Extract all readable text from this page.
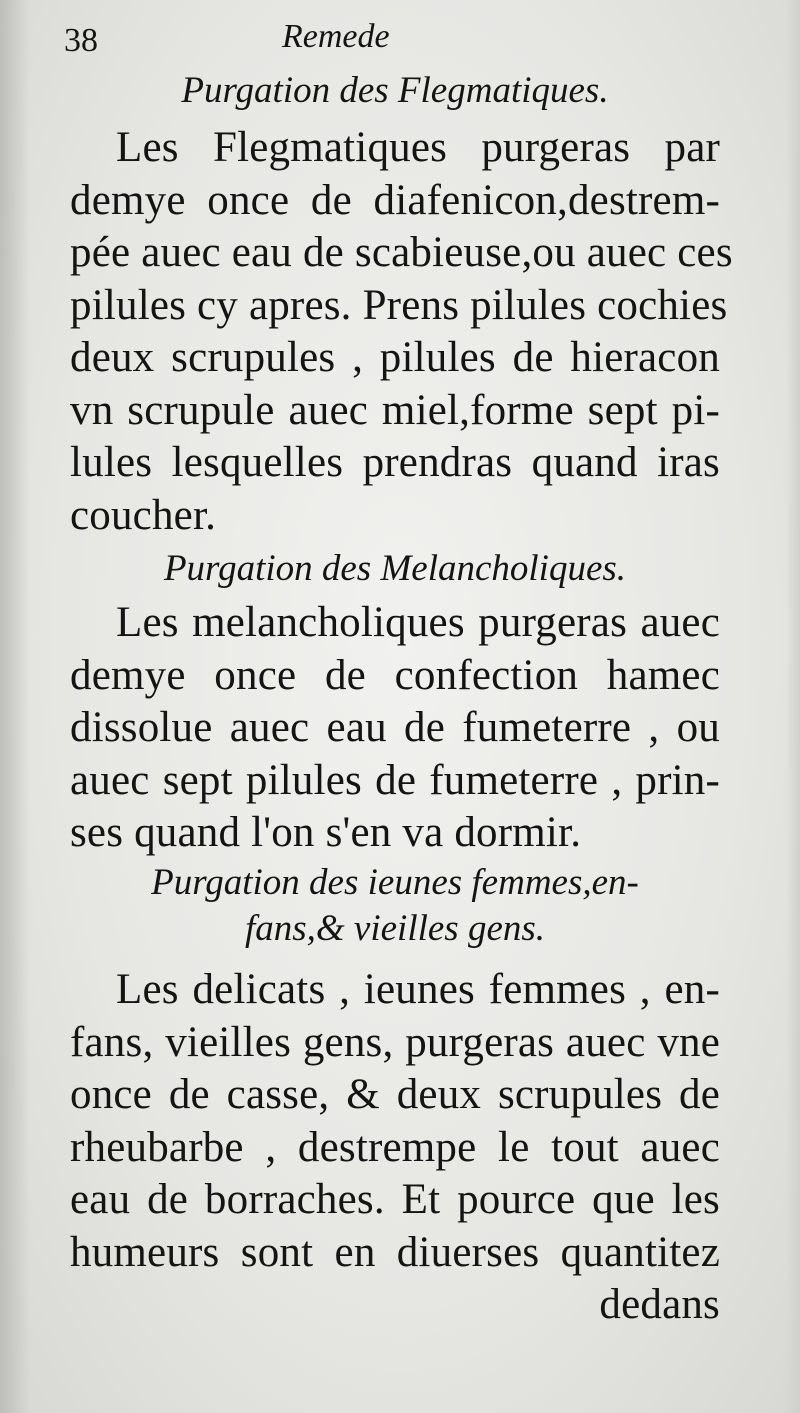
38	Remede
Purgation des Flegmatiques.
Les Flegmatiques purgeras par
demye once de diafenicon,destrem-
pée auec eau de scabieuse,ou auec ces
pilules cy apres. Prens pilules cochies
deux scrupules , pilules de hieracon
vn scrupule auec miel,forme sept pi-
lules lesquelles prendras quand iras
coucher.
Purgation des Melancholiques.
Les melancholiques purgeras auec
demye once de confection hamec
dissolue auec eau de fumeterre , ou
auec sept pilules de fumeterre , prin-
ses quand l'on s'en va dormir.
Purgation des ieunes femmes,en-
fans,& vieilles gens.
Les delicats , ieunes femmes , en-
fans, vieilles gens, purgeras auec vne
once de casse, & deux scrupules de
rheubarbe , destrempe le tout auec
eau de borraches. Et pource que les
humeurs sont en diuerses quantitez
dedans
